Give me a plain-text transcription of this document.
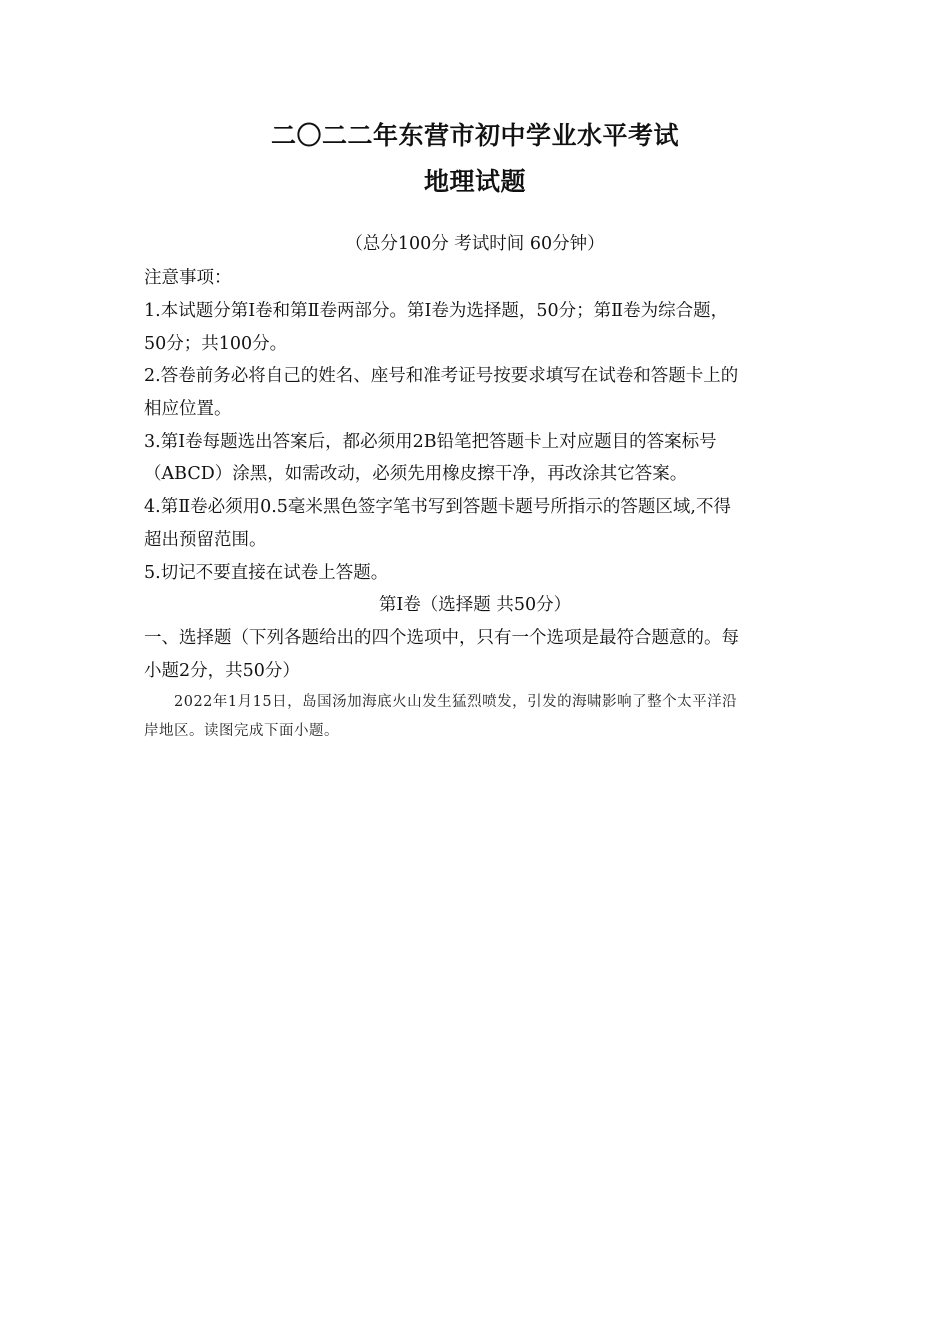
二〇二二年东营市初中学业水平考试
地理试题
（总分100分 考试时间 60分钟）
注意事项：
1.本试题分第Ⅰ卷和第Ⅱ卷两部分。第Ⅰ卷为选择题，50分；第Ⅱ卷为综合题，
50分；共100分。
2.答卷前务必将自己的姓名、座号和准考证号按要求填写在试卷和答题卡上的
相应位置。
3.第Ⅰ卷每题选出答案后，都必须用2B铅笔把答题卡上对应题目的答案标号
（ABCD）涂黑，如需改动，必须先用橡皮擦干净，再改涂其它答案。
4.第Ⅱ卷必须用0.5毫米黑色签字笔书写到答题卡题号所指示的答题区域,不得
超出预留范围。
5.切记不要直接在试卷上答题。
第Ⅰ卷（选择题 共50分）
一、选择题（下列各题给出的四个选项中，只有一个选项是最符合题意的。每
小题2分，共50分）
2022年1月15日，岛国汤加海底火山发生猛烈喷发，引发的海啸影响了整个太平洋沿
岸地区。读图完成下面小题。
